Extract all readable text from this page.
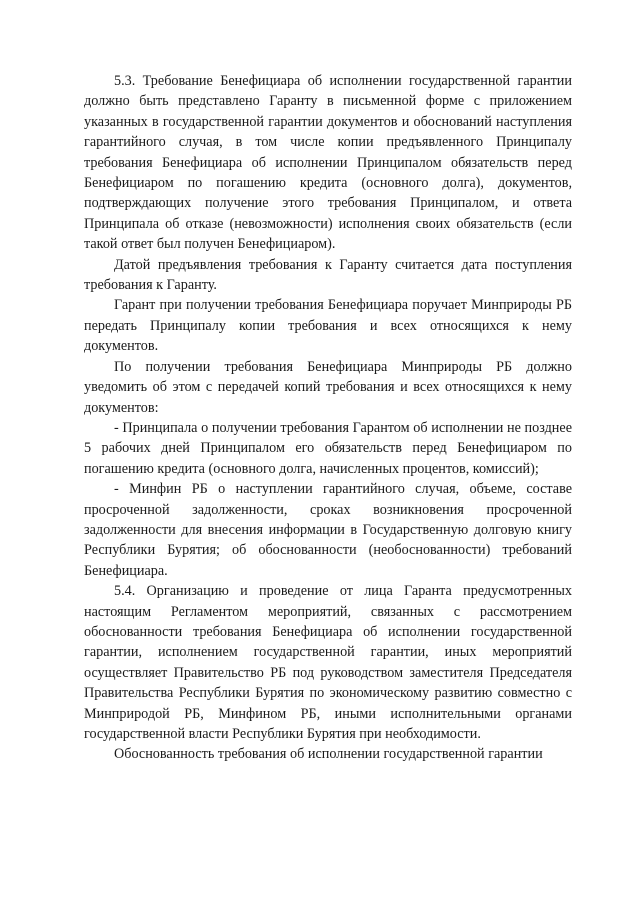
5.3. Требование Бенефициара об исполнении государственной гарантии должно быть представлено Гаранту в письменной форме с приложением указанных в государственной гарантии документов и обоснований наступления гарантийного случая, в том числе копии предъявленного Принципалу требования Бенефициара об исполнении Принципалом обязательств перед Бенефициаром по погашению кредита (основного долга), документов, подтверждающих получение этого требования Принципалом, и ответа Принципала об отказе (невозможности) исполнения своих обязательств (если такой ответ был получен Бенефициаром).

Датой предъявления требования к Гаранту считается дата поступления требования к Гаранту.

Гарант при получении требования Бенефициара поручает Минприроды РБ передать Принципалу копии требования и всех относящихся к нему документов.

По получении требования Бенефициара Минприроды РБ должно уведомить об этом с передачей копий требования и всех относящихся к нему документов:

- Принципала о получении требования Гарантом об исполнении не позднее 5 рабочих дней Принципалом его обязательств перед Бенефициаром по погашению кредита (основного долга, начисленных процентов, комиссий);

- Минфин РБ о наступлении гарантийного случая, объеме, составе просроченной задолженности, сроках возникновения просроченной задолженности для внесения информации в Государственную долговую книгу Республики Бурятия; об обоснованности (необоснованности) требований Бенефициара.

5.4. Организацию и проведение от лица Гаранта предусмотренных настоящим Регламентом мероприятий, связанных с рассмотрением обоснованности требования Бенефициара об исполнении государственной гарантии, исполнением государственной гарантии, иных мероприятий осуществляет Правительство РБ под руководством заместителя Председателя Правительства Республики Бурятия по экономическому развитию совместно с Минприродой РБ, Минфином РБ, иными исполнительными органами государственной власти Республики Бурятия при необходимости.

Обоснованность требования об исполнении государственной гарантии
